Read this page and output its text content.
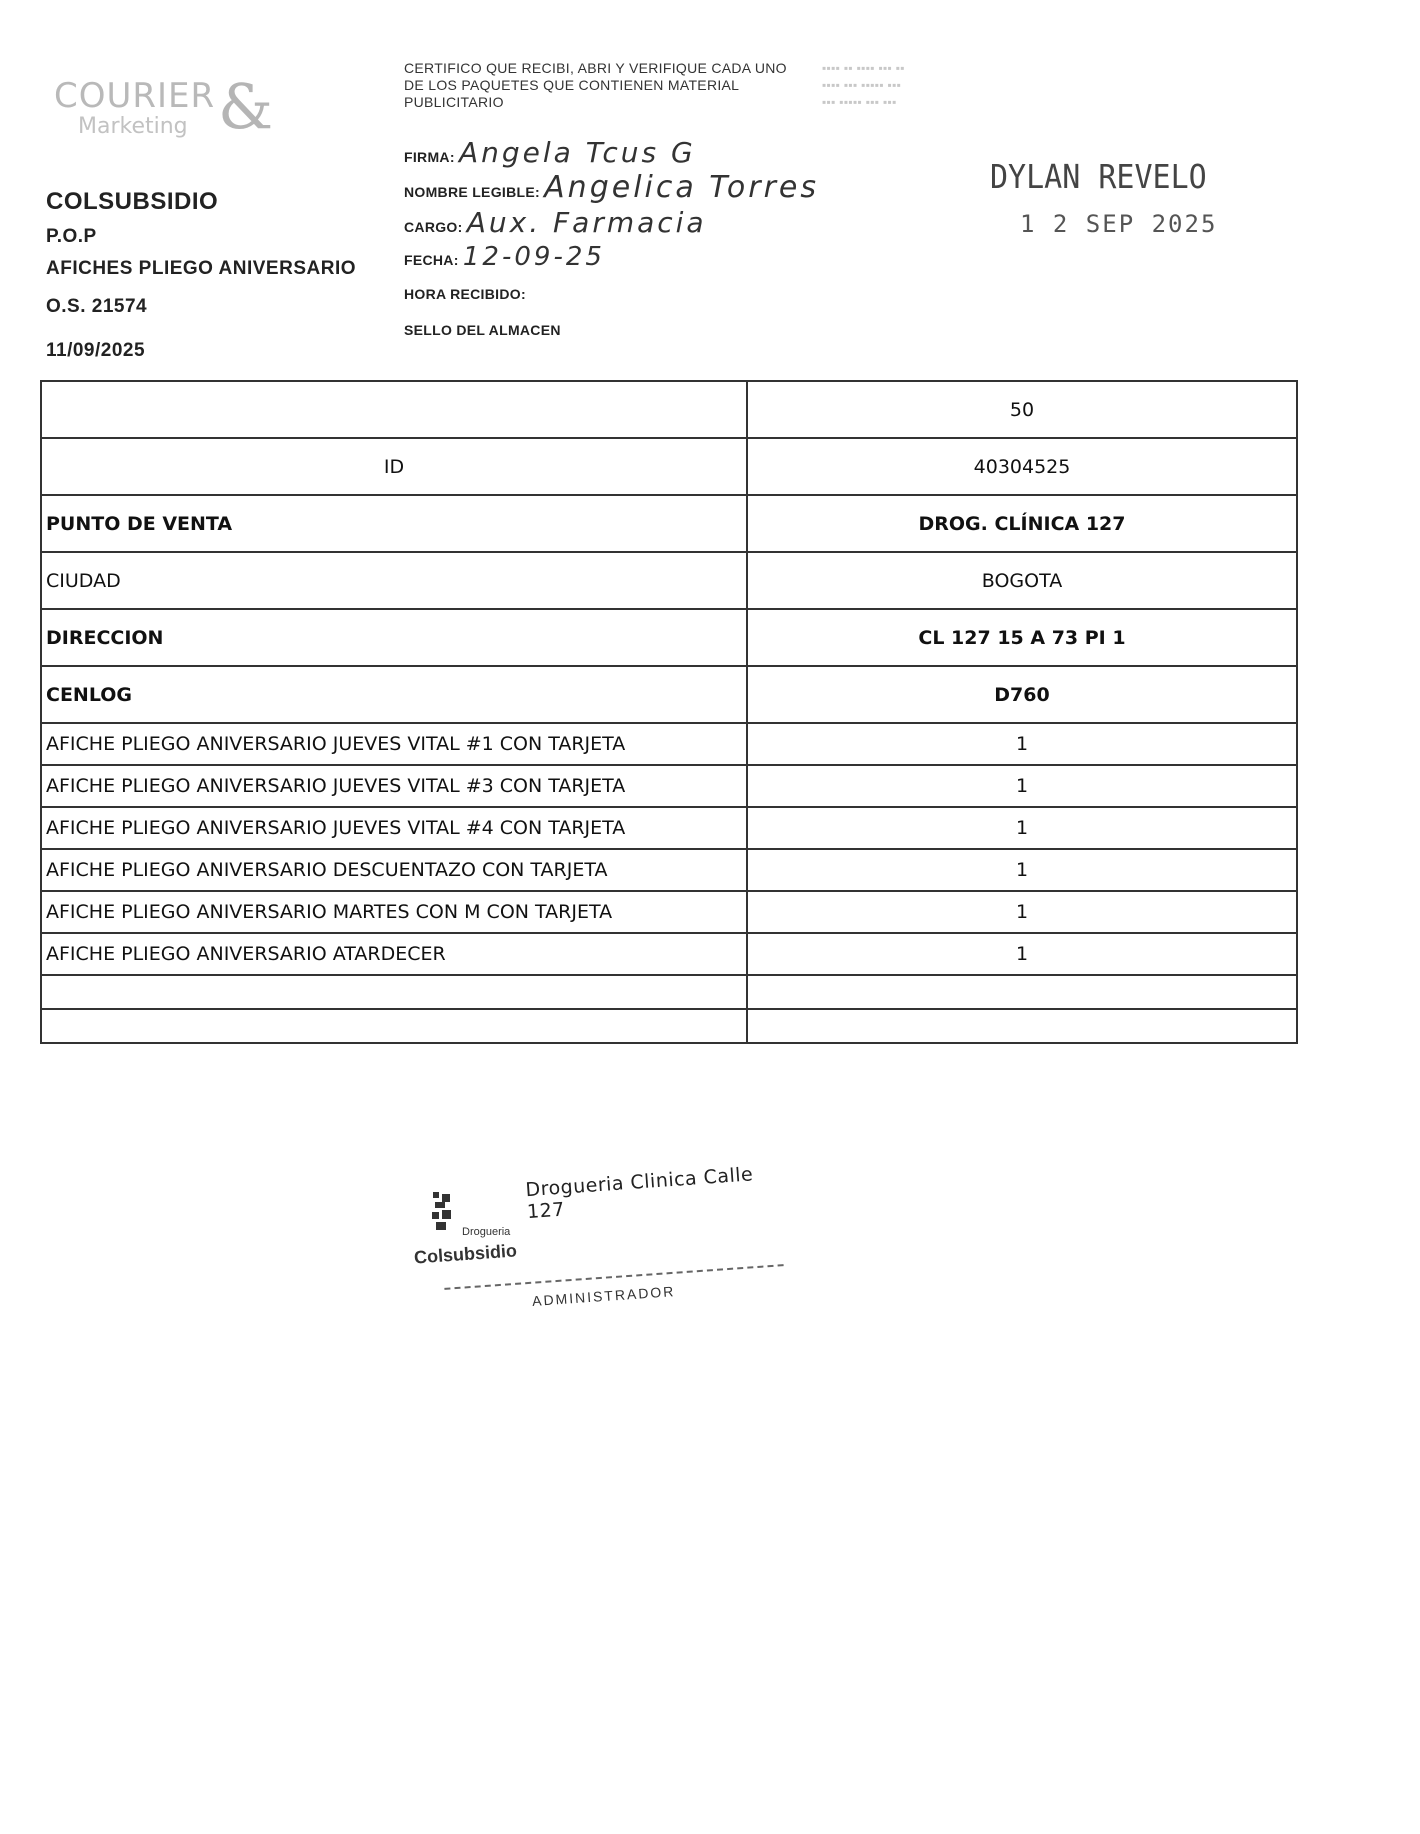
COURIER
Marketing &
COLSUBSIDIO
P.O.P
AFICHES PLIEGO ANIVERSARIO
O.S. 21574
11/09/2025
CERTIFICO QUE RECIBI, ABRI Y VERIFIQUE CADA UNO DE LOS PAQUETES QUE CONTIENEN MATERIAL PUBLICITARIO
▪▪▪▪ ▪▪ ▪▪▪▪ ▪▪▪ ▪▪
▪▪▪▪ ▪▪▪ ▪▪▪▪▪ ▪▪▪
▪▪▪ ▪▪▪▪▪ ▪▪▪ ▪▪▪
FIRMA: Angela Tcus G
NOMBRE LEGIBLE: Angelica Torres
CARGO: Aux. Farmacia
FECHA: 12-09-25
HORA RECIBIDO:
SELLO DEL ALMACEN
DYLAN REVELO
1 2 SEP 2025
	50
ID	40304525
PUNTO DE VENTA	DROG. CLÍNICA 127
CIUDAD	BOGOTA
DIRECCION	CL 127 15 A 73 PI 1
CENLOG	D760
AFICHE PLIEGO ANIVERSARIO JUEVES VITAL #1 CON TARJETA	1
AFICHE PLIEGO ANIVERSARIO JUEVES VITAL #3 CON TARJETA	1
AFICHE PLIEGO ANIVERSARIO JUEVES VITAL #4 CON TARJETA	1
AFICHE PLIEGO ANIVERSARIO DESCUENTAZO CON TARJETA	1
AFICHE PLIEGO ANIVERSARIO MARTES CON M CON TARJETA	1
AFICHE PLIEGO ANIVERSARIO ATARDECER	1

Drogueria Clinica Calle 127
Drogueria
Colsubsidio
ADMINISTRADOR
